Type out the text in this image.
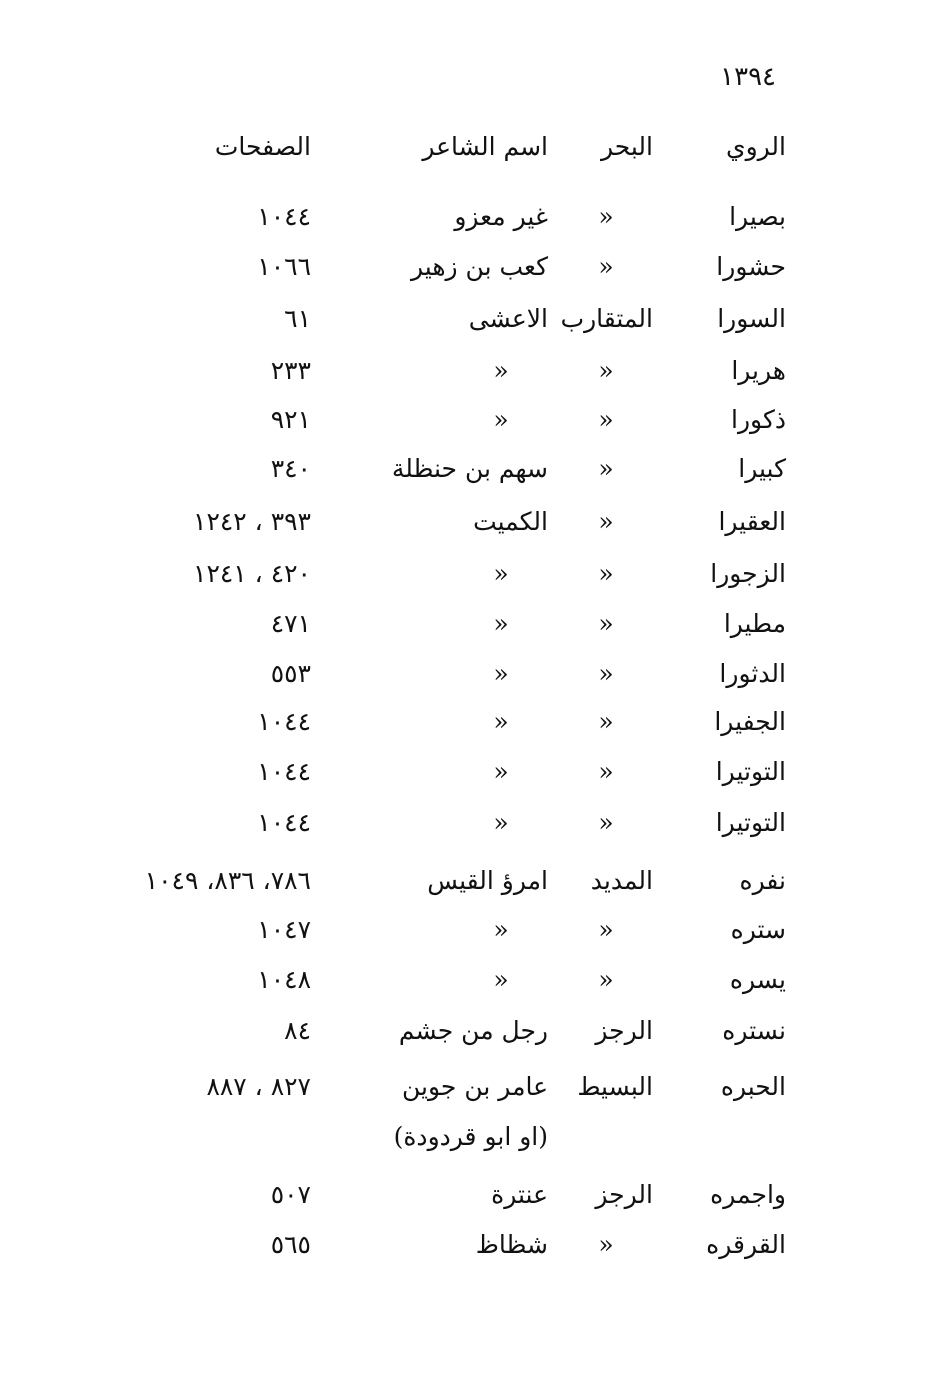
١٣٩٤
الروي
البحر
اسم الشاعر
الصفحات
بصيرا
«
غير معزو
١٠٤٤
حشورا
«
كعب بن زهير
١٠٦٦
السورا
المتقارب
الاعشى
٦١
هريرا
«
«
٢٣٣
ذكورا
«
«
٩٢١
كبيرا
«
سهم بن حنظلة
٣٤٠
العقيرا
«
الكميت
٣٩٣ ، ١٢٤٢
الزجورا
«
«
٤٢٠ ، ١٢٤١
مطيرا
«
«
٤٧١
الدثورا
«
«
٥٥٣
الجفيرا
«
«
١٠٤٤
التوتيرا
«
«
١٠٤٤
التوتيرا
«
«
١٠٤٤
نفره
المديد
امرؤ القيس
٧٨٦، ٨٣٦، ١٠٤٩
ستره
«
«
١٠٤٧
يسره
«
«
١٠٤٨
نستره
الرجز
رجل من جشم
٨٤
الحبره
البسيط
عامر بن جوين
(او ابو قردودة)
٨٢٧ ، ٨٨٧
واجمره
الرجز
عنترة
٥٠٧
القرقره
«
شظاظ
٥٦٥
